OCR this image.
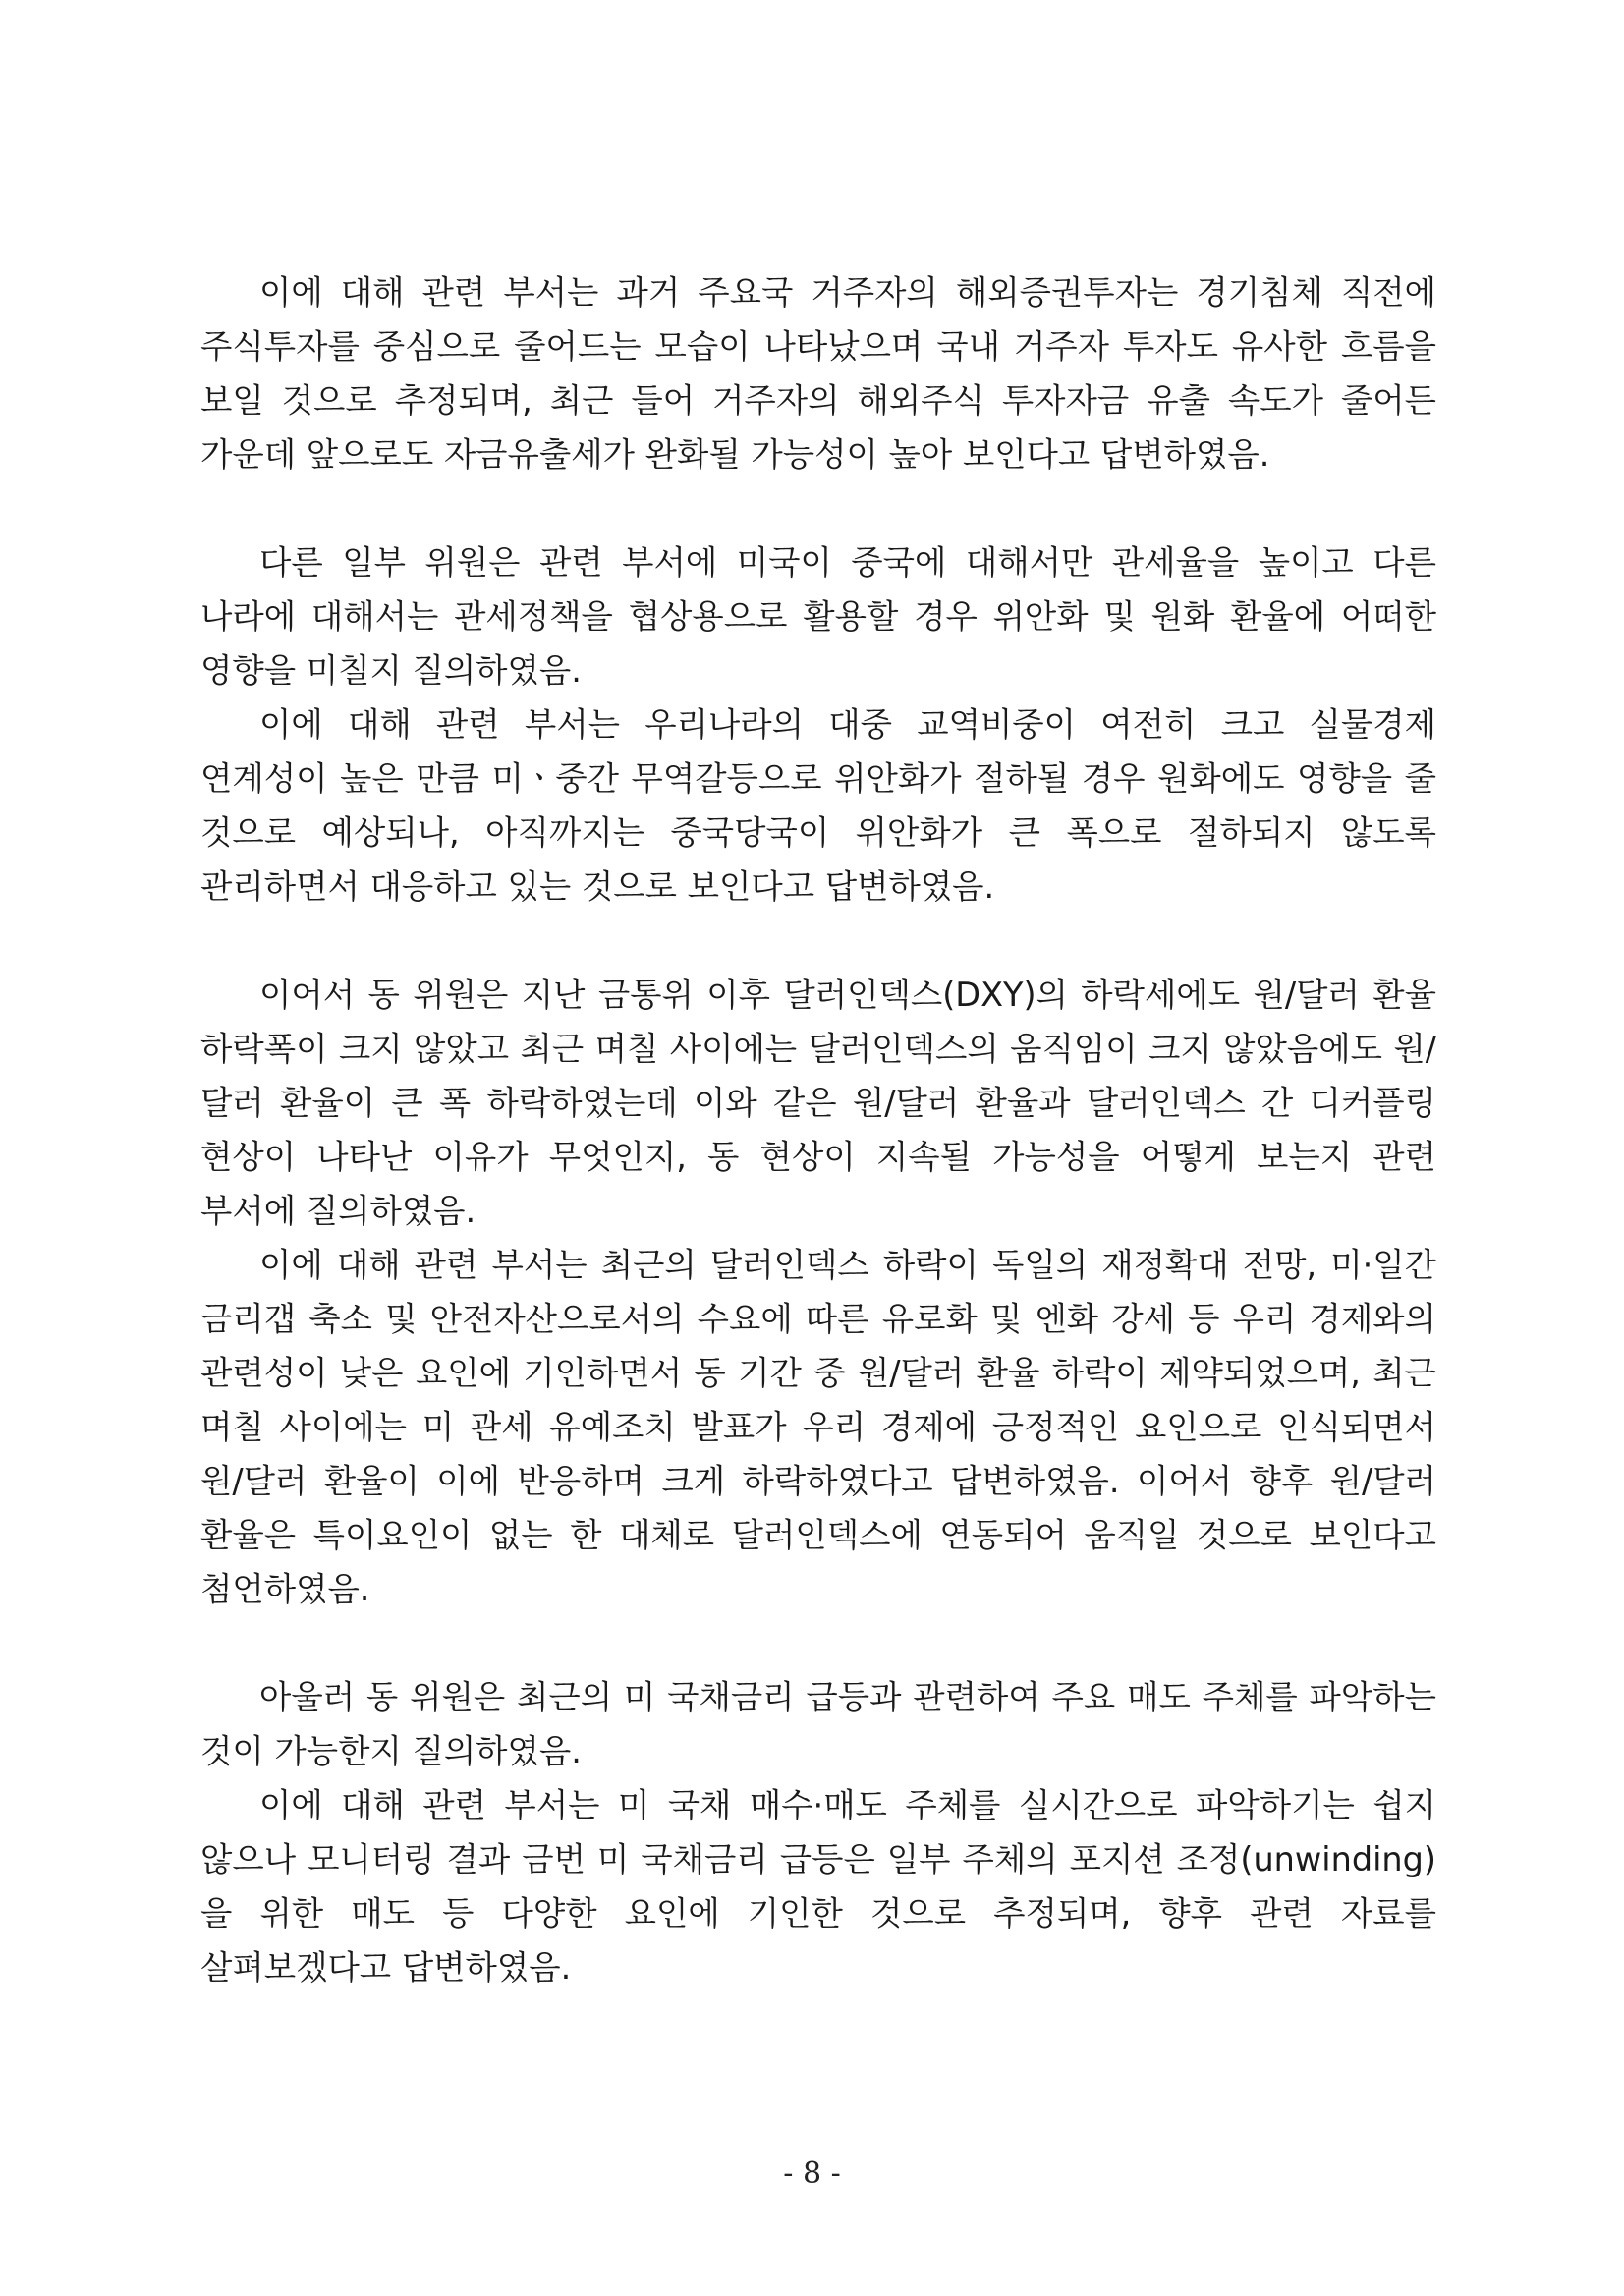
이에 대해 관련 부서는 과거 주요국 거주자의 해외증권투자는 경기침체 직전에 주식투자를 중심으로 줄어드는 모습이 나타났으며 국내 거주자 투자도 유사한 흐름을 보일 것으로 추정되며, 최근 들어 거주자의 해외주식 투자자금 유출 속도가 줄어든 가운데 앞으로도 자금유출세가 완화될 가능성이 높아 보인다고 답변하였음.

다른 일부 위원은 관련 부서에 미국이 중국에 대해서만 관세율을 높이고 다른 나라에 대해서는 관세정책을 협상용으로 활용할 경우 위안화 및 원화 환율에 어떠한 영향을 미칠지 질의하였음.

이에 대해 관련 부서는 우리나라의 대중 교역비중이 여전히 크고 실물경제 연계성이 높은 만큼 미ㆍ중간 무역갈등으로 위안화가 절하될 경우 원화에도 영향을 줄 것으로 예상되나, 아직까지는 중국당국이 위안화가 큰 폭으로 절하되지 않도록 관리하면서 대응하고 있는 것으로 보인다고 답변하였음.

이어서 동 위원은 지난 금통위 이후 달러인덱스(DXY)의 하락세에도 원/달러 환율 하락폭이 크지 않았고 최근 며칠 사이에는 달러인덱스의 움직임이 크지 않았음에도 원/달러 환율이 큰 폭 하락하였는데 이와 같은 원/달러 환율과 달러인덱스 간 디커플링 현상이 나타난 이유가 무엇인지, 동 현상이 지속될 가능성을 어떻게 보는지 관련 부서에 질의하였음.

이에 대해 관련 부서는 최근의 달러인덱스 하락이 독일의 재정확대 전망, 미·일간 금리갭 축소 및 안전자산으로서의 수요에 따른 유로화 및 엔화 강세 등 우리 경제와의 관련성이 낮은 요인에 기인하면서 동 기간 중 원/달러 환율 하락이 제약되었으며, 최근 며칠 사이에는 미 관세 유예조치 발표가 우리 경제에 긍정적인 요인으로 인식되면서 원/달러 환율이 이에 반응하며 크게 하락하였다고 답변하였음. 이어서 향후 원/달러 환율은 특이요인이 없는 한 대체로 달러인덱스에 연동되어 움직일 것으로 보인다고 첨언하였음.

아울러 동 위원은 최근의 미 국채금리 급등과 관련하여 주요 매도 주체를 파악하는 것이 가능한지 질의하였음.

이에 대해 관련 부서는 미 국채 매수·매도 주체를 실시간으로 파악하기는 쉽지 않으나 모니터링 결과 금번 미 국채금리 급등은 일부 주체의 포지션 조정(unwinding)을 위한 매도 등 다양한 요인에 기인한 것으로 추정되며, 향후 관련 자료를 살펴보겠다고 답변하였음.

- 8 -
